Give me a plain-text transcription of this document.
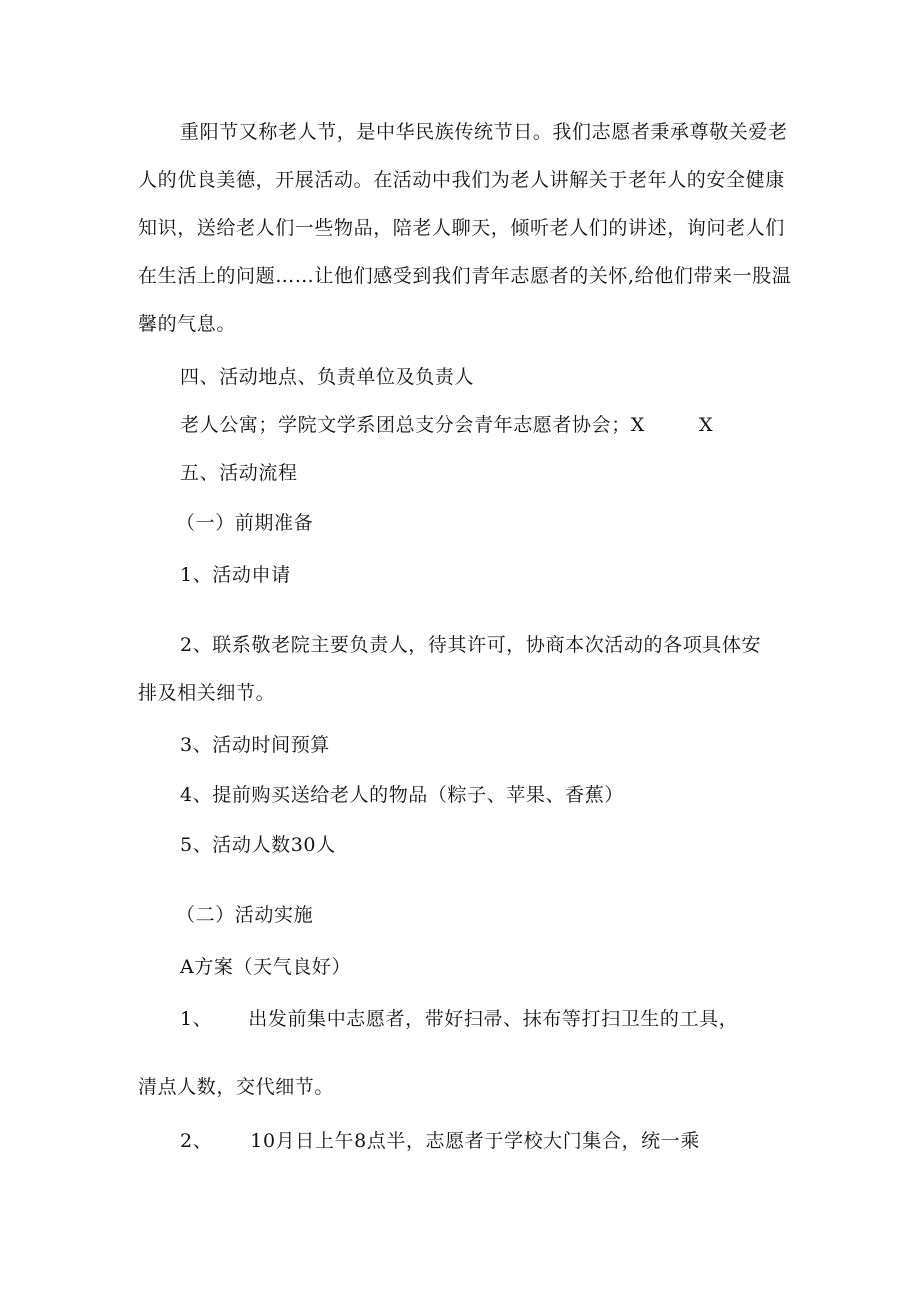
重阳节又称老人节，是中华民族传统节日。我们志愿者秉承尊敬关爱老人的优良美德，开展活动。在活动中我们为老人讲解关于老年人的安全健康知识，送给老人们一些物品，陪老人聊天，倾听老人们的讲述，询问老人们在生活上的问题……让他们感受到我们青年志愿者的关怀,给他们带来一股温馨的气息。

四、活动地点、负责单位及负责人

老人公寓；学院文学系团总支分会青年志愿者协会；X	X

五、活动流程

（一）前期准备

1、活动申请

2、联系敬老院主要负责人，待其许可，协商本次活动的各项具体安

排及相关细节。

3、活动时间预算

4、提前购买送给老人的物品（粽子、苹果、香蕉）

5、活动人数30人

（二）活动实施

A方案（天气良好）

1、 出发前集中志愿者，带好扫帚、抹布等打扫卫生的工具，

清点人数，交代细节。

2、 10月日上午8点半，志愿者于学校大门集合，统一乘
